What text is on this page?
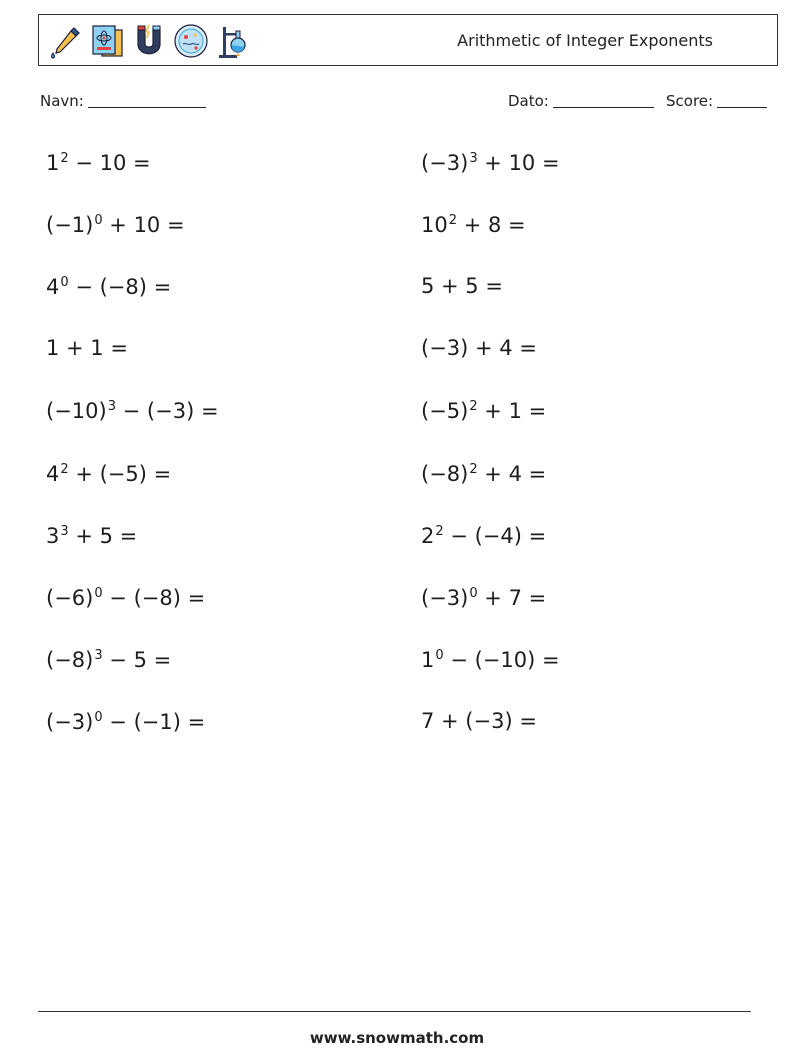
Arithmetic of Integer Exponents
Navn:	Dato:	Score:
$1^2 - 10$ =	$(-3)^3 + 10$ =
$(-1)^0 + 10$ =	$10^2 + 8$ =
$4^0 - (-8)$ =	5 + 5 =
1 + 1 =	(−3) + 4 =
$(-10)^3 - (-3)$ =	$(-5)^2 + 1$ =
$4^2 + (-5)$ =	$(-8)^2 + 4$ =
$3^3 + 5$ =	$2^2 - (-4)$ =
$(-6)^0 - (-8)$ =	$(-3)^0 + 7$ =
$(-8)^3 - 5$ =	$1^0 - (-10)$ =
$(-3)^0 - (-1)$ =	7 + (−3) =
www.snowmath.com
